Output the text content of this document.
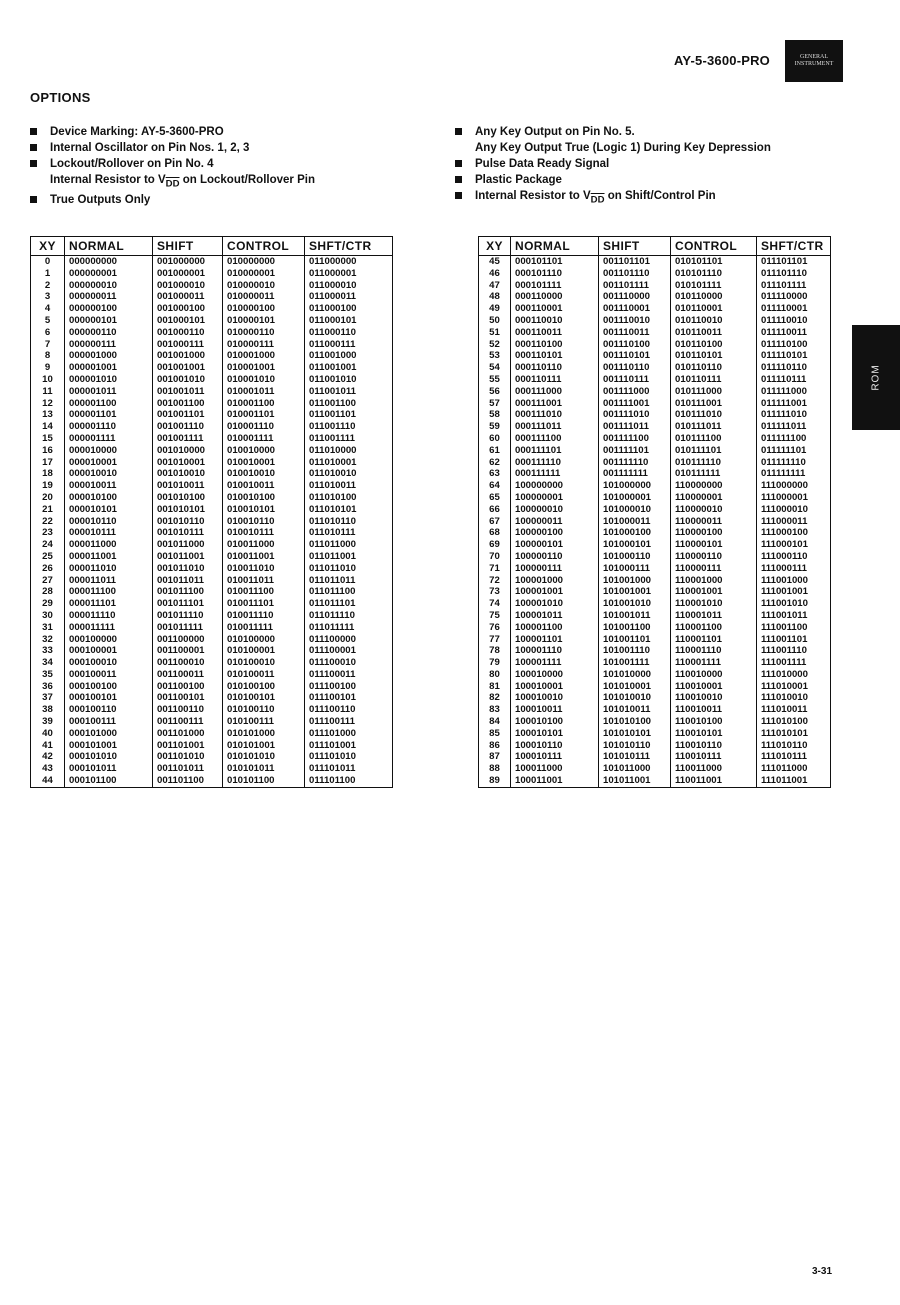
AY-5-3600-PRO	GENERAL INSTRUMENT
OPTIONS
Device Marking: AY-5-3600-PRO
Internal Oscillator on Pin Nos. 1, 2, 3
Lockout/Rollover on Pin No. 4
Internal Resistor to $V_{\overline{DD}}$ on Lockout/Rollover Pin
True Outputs Only
Any Key Output on Pin No. 5.
Any Key Output True (Logic 1) During Key Depression
Pulse Data Ready Signal
Plastic Package
Internal Resistor to $V_{\overline{DD}}$ on Shift/Control Pin
ROM
XY	NORMAL	SHIFT	CONTROL	SHFT/CTR
0	000000000	001000000	010000000	011000000
1	000000001	001000001	010000001	011000001
2	000000010	001000010	010000010	011000010
3	000000011	001000011	010000011	011000011
4	000000100	001000100	010000100	011000100
5	000000101	001000101	010000101	011000101
6	000000110	001000110	010000110	011000110
7	000000111	001000111	010000111	011000111
8	000001000	001001000	010001000	011001000
9	000001001	001001001	010001001	011001001
10	000001010	001001010	010001010	011001010
11	000001011	001001011	010001011	011001011
12	000001100	001001100	010001100	011001100
13	000001101	001001101	010001101	011001101
14	000001110	001001110	010001110	011001110
15	000001111	001001111	010001111	011001111
16	000010000	001010000	010010000	011010000
17	000010001	001010001	010010001	011010001
18	000010010	001010010	010010010	011010010
19	000010011	001010011	010010011	011010011
20	000010100	001010100	010010100	011010100
21	000010101	001010101	010010101	011010101
22	000010110	001010110	010010110	011010110
23	000010111	001010111	010010111	011010111
24	000011000	001011000	010011000	011011000
25	000011001	001011001	010011001	011011001
26	000011010	001011010	010011010	011011010
27	000011011	001011011	010011011	011011011
28	000011100	001011100	010011100	011011100
29	000011101	001011101	010011101	011011101
30	000011110	001011110	010011110	011011110
31	000011111	001011111	010011111	011011111
32	000100000	001100000	010100000	011100000
33	000100001	001100001	010100001	011100001
34	000100010	001100010	010100010	011100010
35	000100011	001100011	010100011	011100011
36	000100100	001100100	010100100	011100100
37	000100101	001100101	010100101	011100101
38	000100110	001100110	010100110	011100110
39	000100111	001100111	010100111	011100111
40	000101000	001101000	010101000	011101000
41	000101001	001101001	010101001	011101001
42	000101010	001101010	010101010	011101010
43	000101011	001101011	010101011	011101011
44	000101100	001101100	010101100	011101100
XY	NORMAL	SHIFT	CONTROL	SHFT/CTR
45	000101101	001101101	010101101	011101101
46	000101110	001101110	010101110	011101110
47	000101111	001101111	010101111	011101111
48	000110000	001110000	010110000	011110000
49	000110001	001110001	010110001	011110001
50	000110010	001110010	010110010	011110010
51	000110011	001110011	010110011	011110011
52	000110100	001110100	010110100	011110100
53	000110101	001110101	010110101	011110101
54	000110110	001110110	010110110	011110110
55	000110111	001110111	010110111	011110111
56	000111000	001111000	010111000	011111000
57	000111001	001111001	010111001	011111001
58	000111010	001111010	010111010	011111010
59	000111011	001111011	010111011	011111011
60	000111100	001111100	010111100	011111100
61	000111101	001111101	010111101	011111101
62	000111110	001111110	010111110	011111110
63	000111111	001111111	010111111	011111111
64	100000000	101000000	110000000	111000000
65	100000001	101000001	110000001	111000001
66	100000010	101000010	110000010	111000010
67	100000011	101000011	110000011	111000011
68	100000100	101000100	110000100	111000100
69	100000101	101000101	110000101	111000101
70	100000110	101000110	110000110	111000110
71	100000111	101000111	110000111	111000111
72	100001000	101001000	110001000	111001000
73	100001001	101001001	110001001	111001001
74	100001010	101001010	110001010	111001010
75	100001011	101001011	110001011	111001011
76	100001100	101001100	110001100	111001100
77	100001101	101001101	110001101	111001101
78	100001110	101001110	110001110	111001110
79	100001111	101001111	110001111	111001111
80	100010000	101010000	110010000	111010000
81	100010001	101010001	110010001	111010001
82	100010010	101010010	110010010	111010010
83	100010011	101010011	110010011	111010011
84	100010100	101010100	110010100	111010100
85	100010101	101010101	110010101	111010101
86	100010110	101010110	110010110	111010110
87	100010111	101010111	110010111	111010111
88	100011000	101011000	110011000	111011000
89	100011001	101011001	110011001	111011001
3-31
